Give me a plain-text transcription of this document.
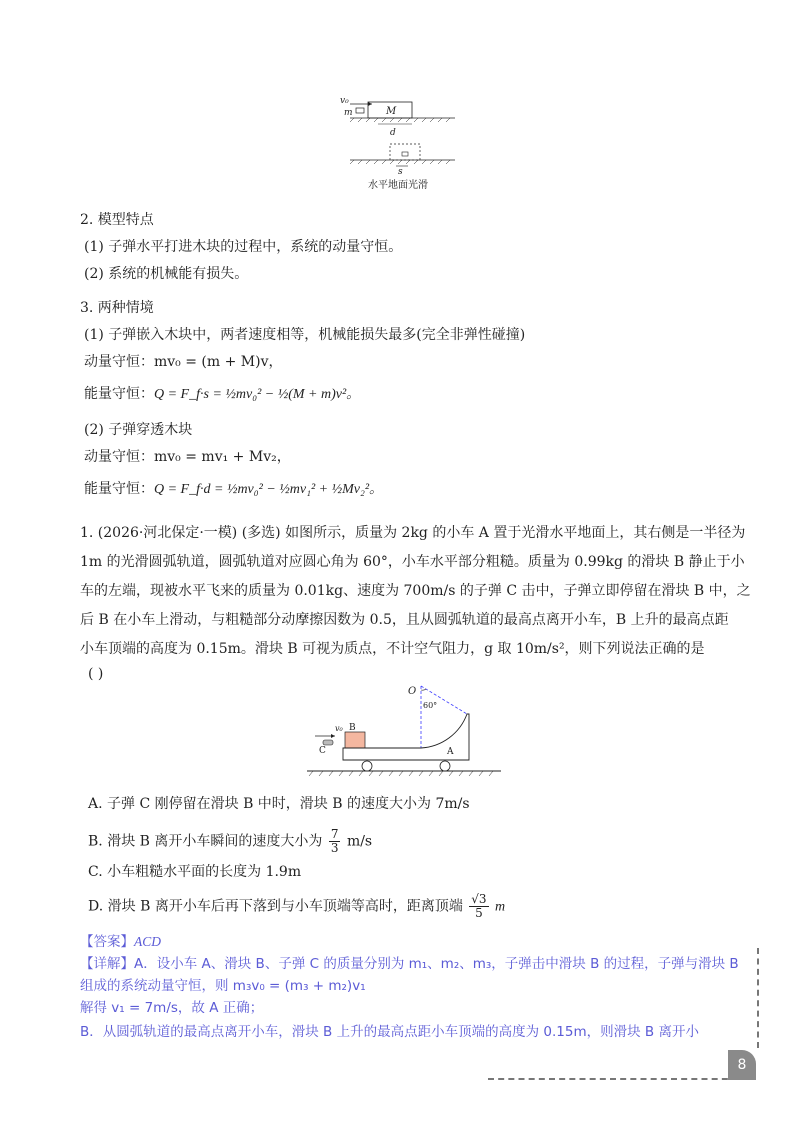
v₀
m	M
d
s
水平地面光滑
2. 模型特点
(1) 子弹水平打进木块的过程中，系统的动量守恒。
(2) 系统的机械能有损失。
3. 两种情境
(1) 子弹嵌入木块中，两者速度相等，机械能损失最多(完全非弹性碰撞)
动量守恒：mv₀ = (m + M)v，
能量守恒：Q = F_f·s = ½mv₀² − ½(M + m)v²。
(2) 子弹穿透木块
动量守恒：mv₀ = mv₁ + Mv₂，
能量守恒：Q = F_f·d = ½mv₀² − ½mv₁² + ½Mv₂²。
1. (2026·河北保定·一模) (多选) 如图所示，质量为 2kg 的小车 A 置于光滑水平地面上，其右侧是一半径为
1m 的光滑圆弧轨道，圆弧轨道对应圆心角为 60°，小车水平部分粗糙。质量为 0.99kg 的滑块 B 静止于小
车的左端，现被水平飞来的质量为 0.01kg、速度为 700m/s 的子弹 C 击中，子弹立即停留在滑块 B 中，之
后 B 在小车上滑动，与粗糙部分动摩擦因数为 0.5，且从圆弧轨道的最高点离开小车，B 上升的最高点距
小车顶端的高度为 0.15m。滑块 B 可视为质点，不计空气阻力，g 取 10m/s²，则下列说法正确的是
( )
O
60°
B
v₀
C	A
A. 子弹 C 刚停留在滑块 B 中时，滑块 B 的速度大小为 7m/s
B. 滑块 B 离开小车瞬间的速度大小为 $\frac{7}{3} m/s$
C. 小车粗糙水平面的长度为 1.9m
D. 滑块 B 离开小车后再下落到与小车顶端等高时，距离顶端 $\frac{√3}{5}$ m
【答案】ACD
【详解】A．设小车 A、滑块 B、子弹 C 的质量分别为 m₁、m₂、m₃，子弹击中滑块 B 的过程，子弹与滑块 B
组成的系统动量守恒，则 m₃v₀ = (m₃ + m₂)v₁
解得 v₁ = 7m/s，故 A 正确；
B．从圆弧轨道的最高点离开小车，滑块 B 上升的最高点距小车顶端的高度为 0.15m，则滑块 B 离开小
8
